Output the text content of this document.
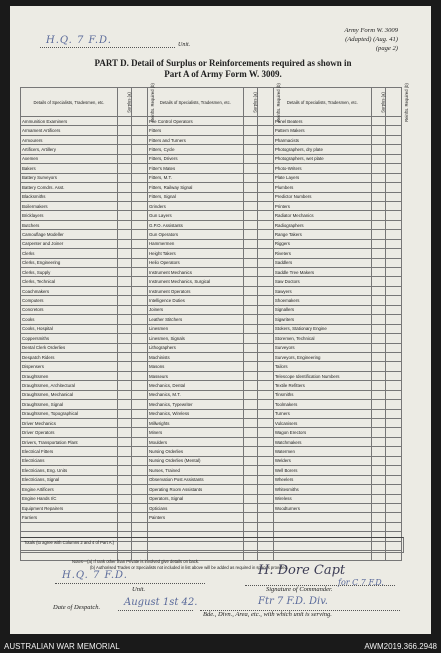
H.Q. 7 F.D.	Unit.
Army Form W. 3009
(Adapted) (Aug. 41)
(page 2)
PART D. Detail of Surplus or Reinforcements required as shown in
Part A of Army Form W. 3009.
Details of Specialists, Tradesmen, etc.	Surplus (a)	Reinfts. Required (b)	Details of Specialists, Tradesmen, etc.	Surplus (a)	Reinfts. Required (b)	Details of Specialists, Tradesmen, etc.	Surplus (a)	Reinfts. Required (b)
Ammunition Examiners			Fire Control Operators			Panel Beaters		
Armament Artificers			Fitters			Pattern Makers		
Armourers			Fitters and Turners			Pharmacists		
Artificers, Artillery			Fitters, Cycle			Photographers, dry plate		
Axemen			Fitters, Drivers			Photographers, wet plate		
Bakers			Fitter's Mates			Photo-Writers		
Battery Surveyors			Fitters, M.T.			Plate Layers		
Battery Comdrs. Asst.			Fitters, Railway Signal			Plumbers		
Blacksmiths			Fitters, Signal			Predictor Numbers		
Boilermakers			Grinders			Printers		
Bricklayers			Gun Layers			Radiator Mechanics		
Butchers			G.P.O. Assistants			Radiographers		
Camouflage Modeller			Gun Operators			Range Takers		
Carpenter and Joiner			Hammermen			Riggers		
Clerks			Height Takers			Riveters		
Clerks, Engineering			Helio Operators			Saddlers		
Clerks, Supply			Instrument Mechanics			Saddle Tree Makers		
Clerks, Technical			Instrument Mechanics, Surgical			Saw Doctors		
Coachmakers			Instrument Operators			Sawyers		
Computers			Intelligence Duties			Shoemakers		
Concretors			Joiners			Signallers		
Cooks			Leather Stitchers			Sigwriters		
Cooks, Hospital			Linesmen			Stokers, Stationary Engine		
Coppersmiths			Linesmen, Signals			Storemen, Technical		
Dental Clerk Orderlies			Lithographers			Surveyors		
Despatch Riders			Machinists			Surveyors, Engineering		
Dispensers			Masons			Tailors		
Draughtsmen			Masseurs			Telescope Identification Numbers		
Draughtsmen, Architectural			Mechanics, Dental			Textile Refitters		
Draughtsmen, Mechanical			Mechanics, M.T.			Tinsmiths		
Draughtsmen, Signal			Mechanics, Typewriter			Toolmakers		
Draughtsmen, Topographical			Mechanics, Wireless			Turners		
Driver Mechanics			Millwrights			Vulcanisers		
Driver Operators			Miners			Wagon Erectors		
Drivers, Transportation Plant			Moulders			Watchmakers		
Electrical Fitters			Nursing Orderlies			Watermen		
Electricians			Nursing Orderlies (Mental)			Welders		
Electricians, Eng. Units			Nurses, Trained			Well Borers		
Electricians, Signal			Observation Post Assistants			Wheelers		
Engine Artificers			Operating Room Assistants			Whitesmiths		
Engine Hands I/C			Operators, Signal			Wireless		
Equipment Repairers			Opticians			Woodturners		
Farriers			Painters					

Totals (to agree with Columns 2 and 4 of Part A.)
Notes—(a) If rank other than Private is involved give details on back.
(b) Authorised Trades or Specialists not included in list above will be added as required in spaces provided.
H.Q. 7 F.D.
Unit.
H. Dore Capt
for C 7 F.D.
Signature of Commander.
Date of Despatch. August 1st 42.	Ftr 7 F.D. Div.
Bde., Divn., Area, etc., with which unit is serving.
AUSTRALIAN WAR MEMORIAL	AWM2019.366.2948
